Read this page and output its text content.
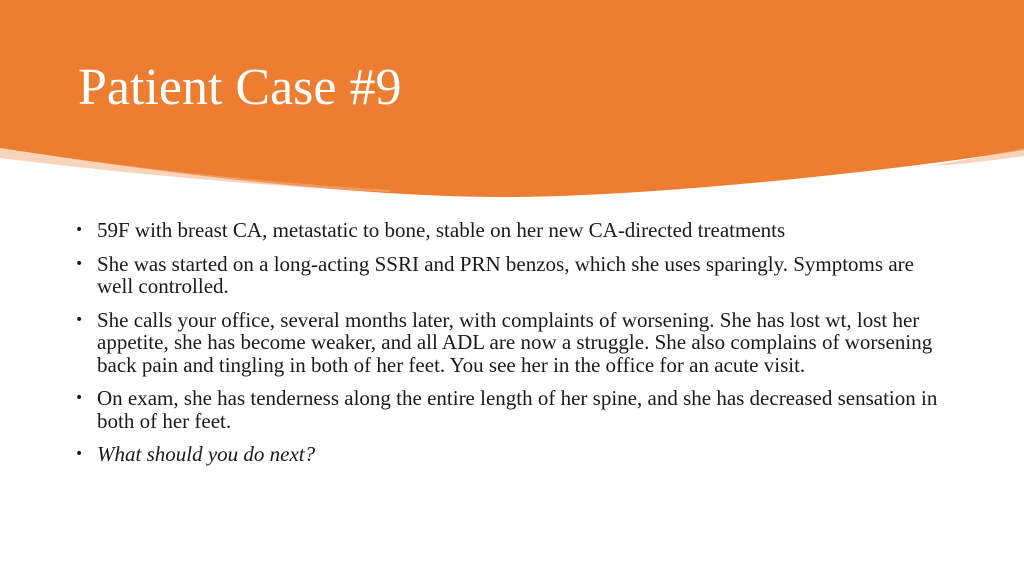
Patient Case #9
• 59F with breast CA, metastatic to bone, stable on her new CA-directed treatments
• She was started on a long-acting SSRI and PRN benzos, which she uses sparingly. Symptoms are well controlled.
• She calls your office, several months later, with complaints of worsening. She has lost wt, lost her appetite, she has become weaker, and all ADL are now a struggle. She also complains of worsening back pain and tingling in both of her feet. You see her in the office for an acute visit.
• On exam, she has tenderness along the entire length of her spine, and she has decreased sensation in both of her feet.
• What should you do next?
